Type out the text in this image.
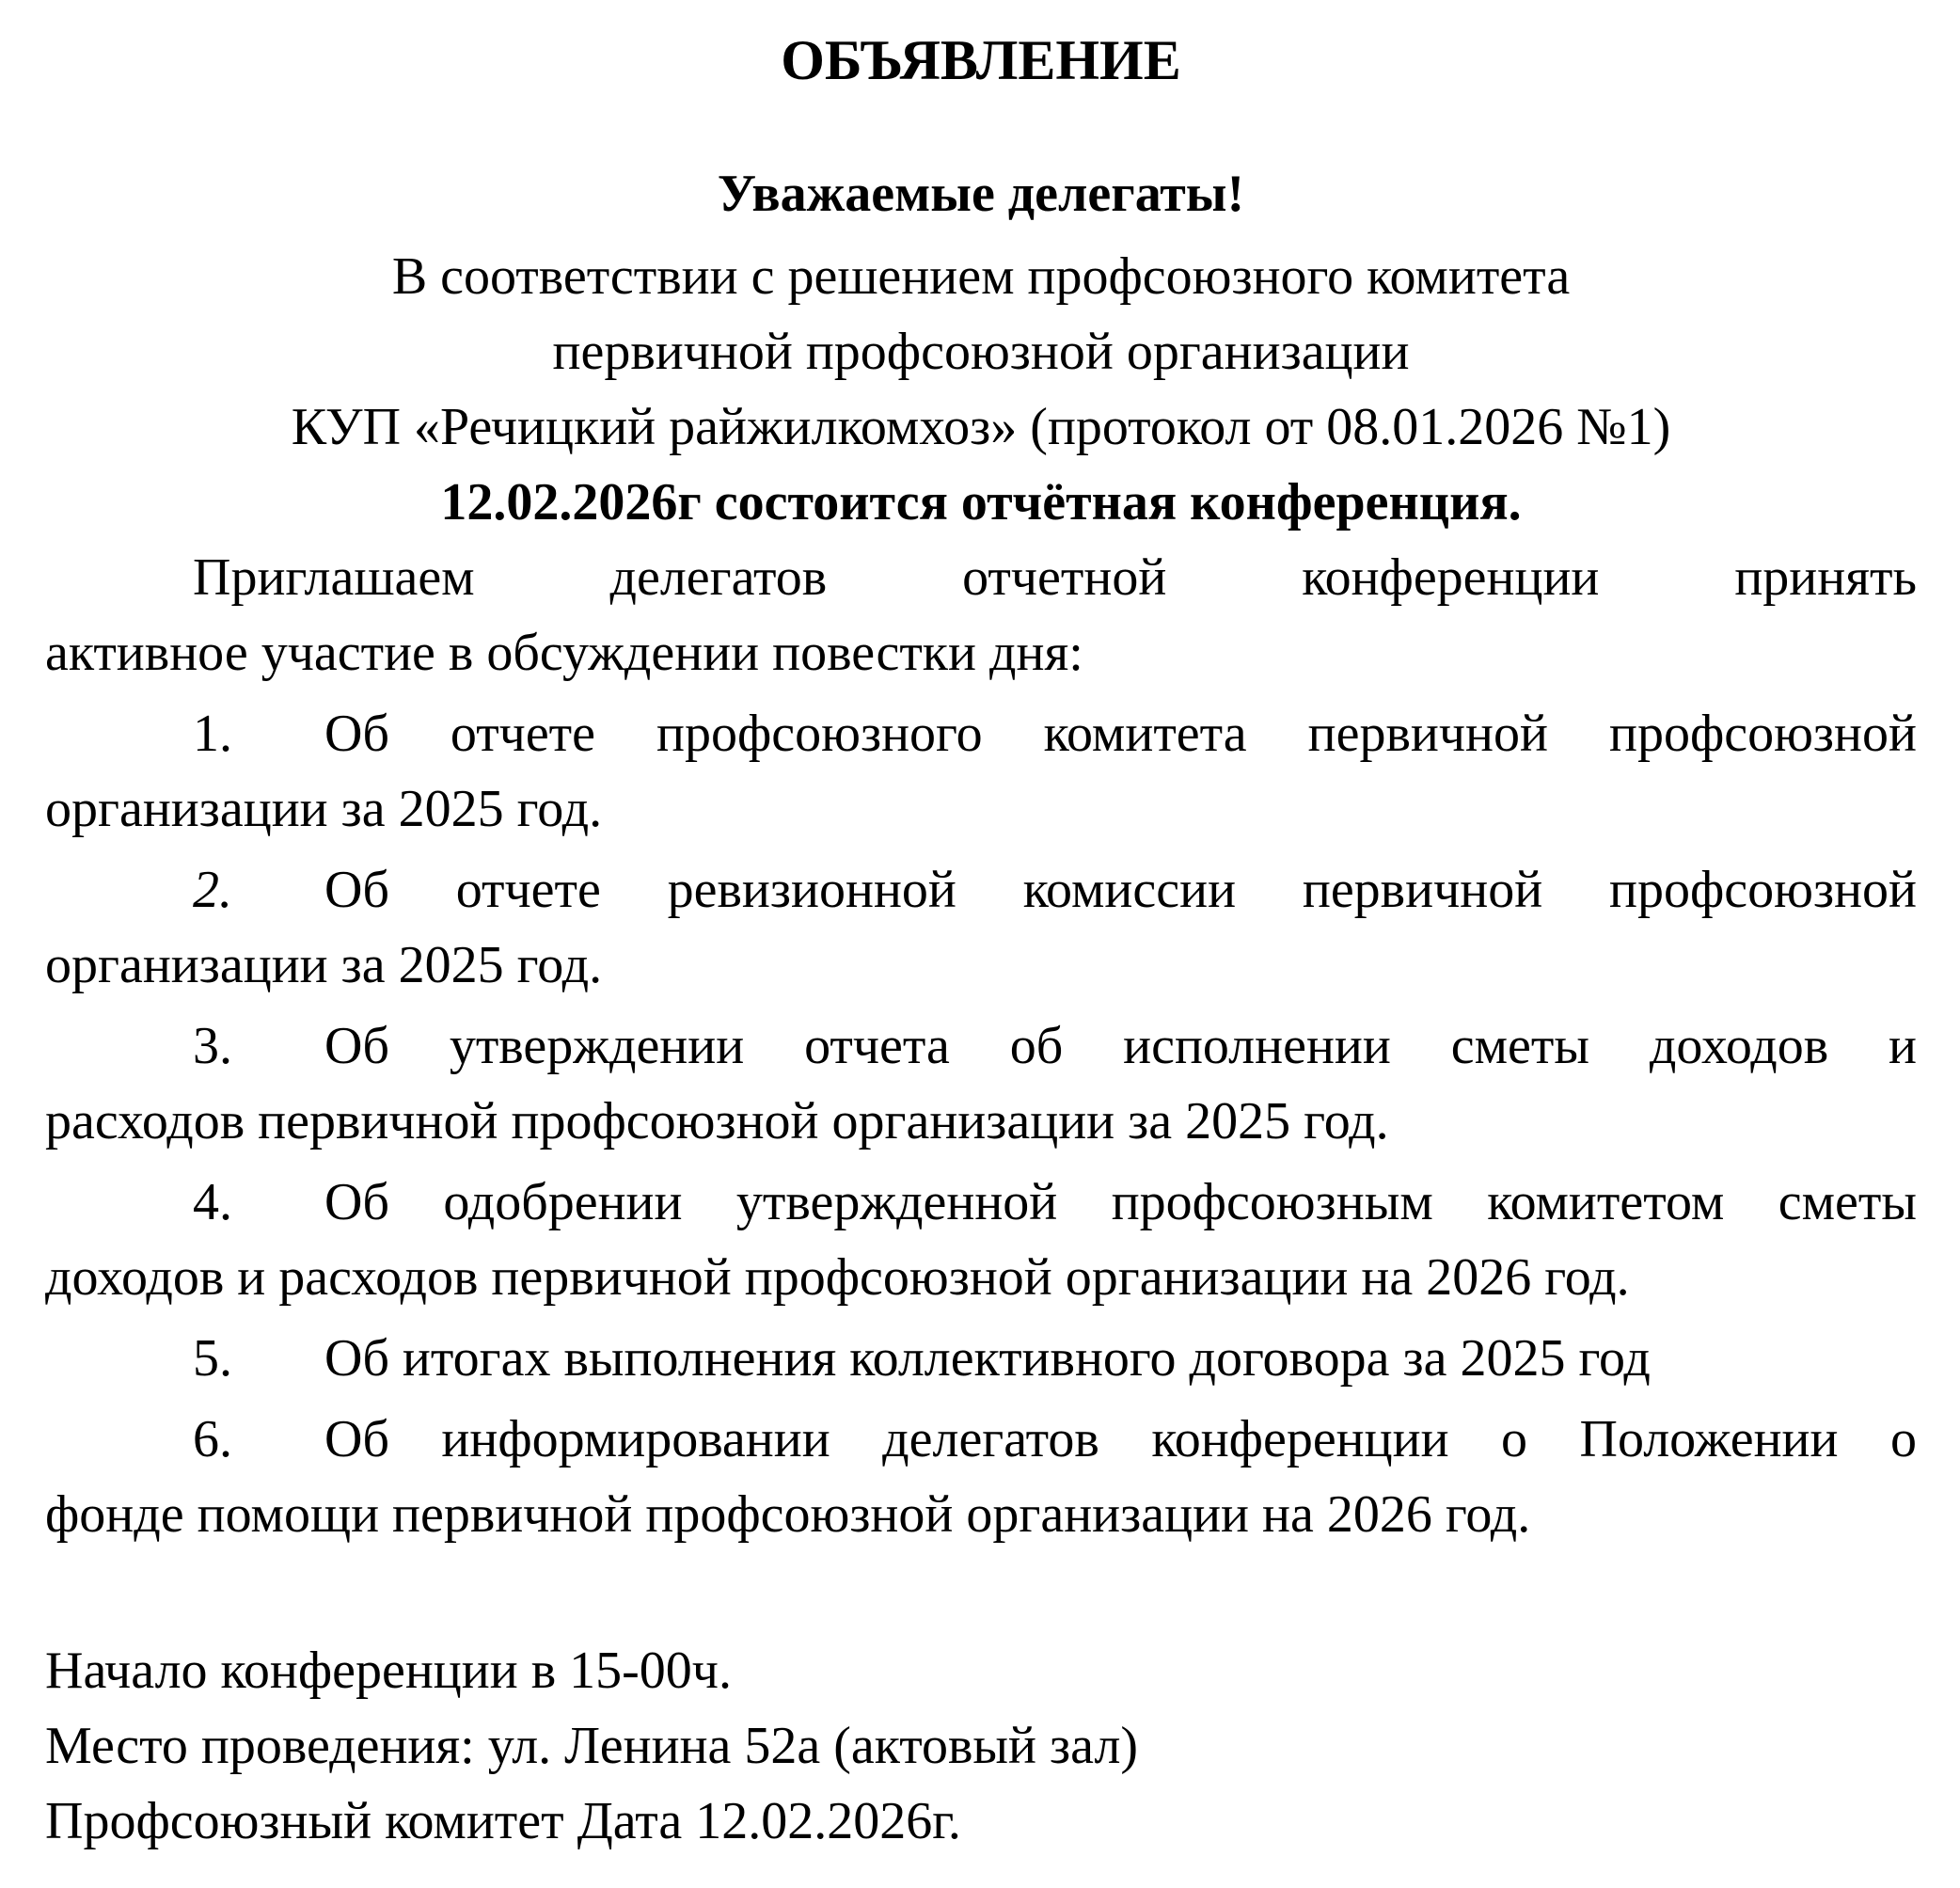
ОБЪЯВЛЕНИЕ
Уважаемые делегаты!
В соответствии с решением профсоюзного комитета
первичной профсоюзной организации
КУП «Речицкий райжилкомхоз» (протокол от 08.01.2026 №1)
12.02.2026г состоится отчётная конференция.
Приглашаем делегатов отчетной конференции принять
активное участие в обсуждении повестки дня:
1. Об отчете профсоюзного комитета первичной профсоюзной
организации за 2025 год.
2. Об отчете ревизионной комиссии первичной профсоюзной
организации за 2025 год.
3. Об утверждении отчета об исполнении сметы доходов и
расходов первичной профсоюзной организации за 2025 год.
4. Об одобрении утвержденной профсоюзным комитетом сметы
доходов и расходов первичной профсоюзной организации на 2026 год.
5. Об итогах выполнения коллективного договора за 2025 год
6. Об информировании делегатов конференции о Положении о
фонде помощи первичной профсоюзной организации на 2026 год.
Начало конференции в 15-00ч.
Место проведения: ул. Ленина 52а (актовый зал)
Профсоюзный комитет Дата 12.02.2026г.
